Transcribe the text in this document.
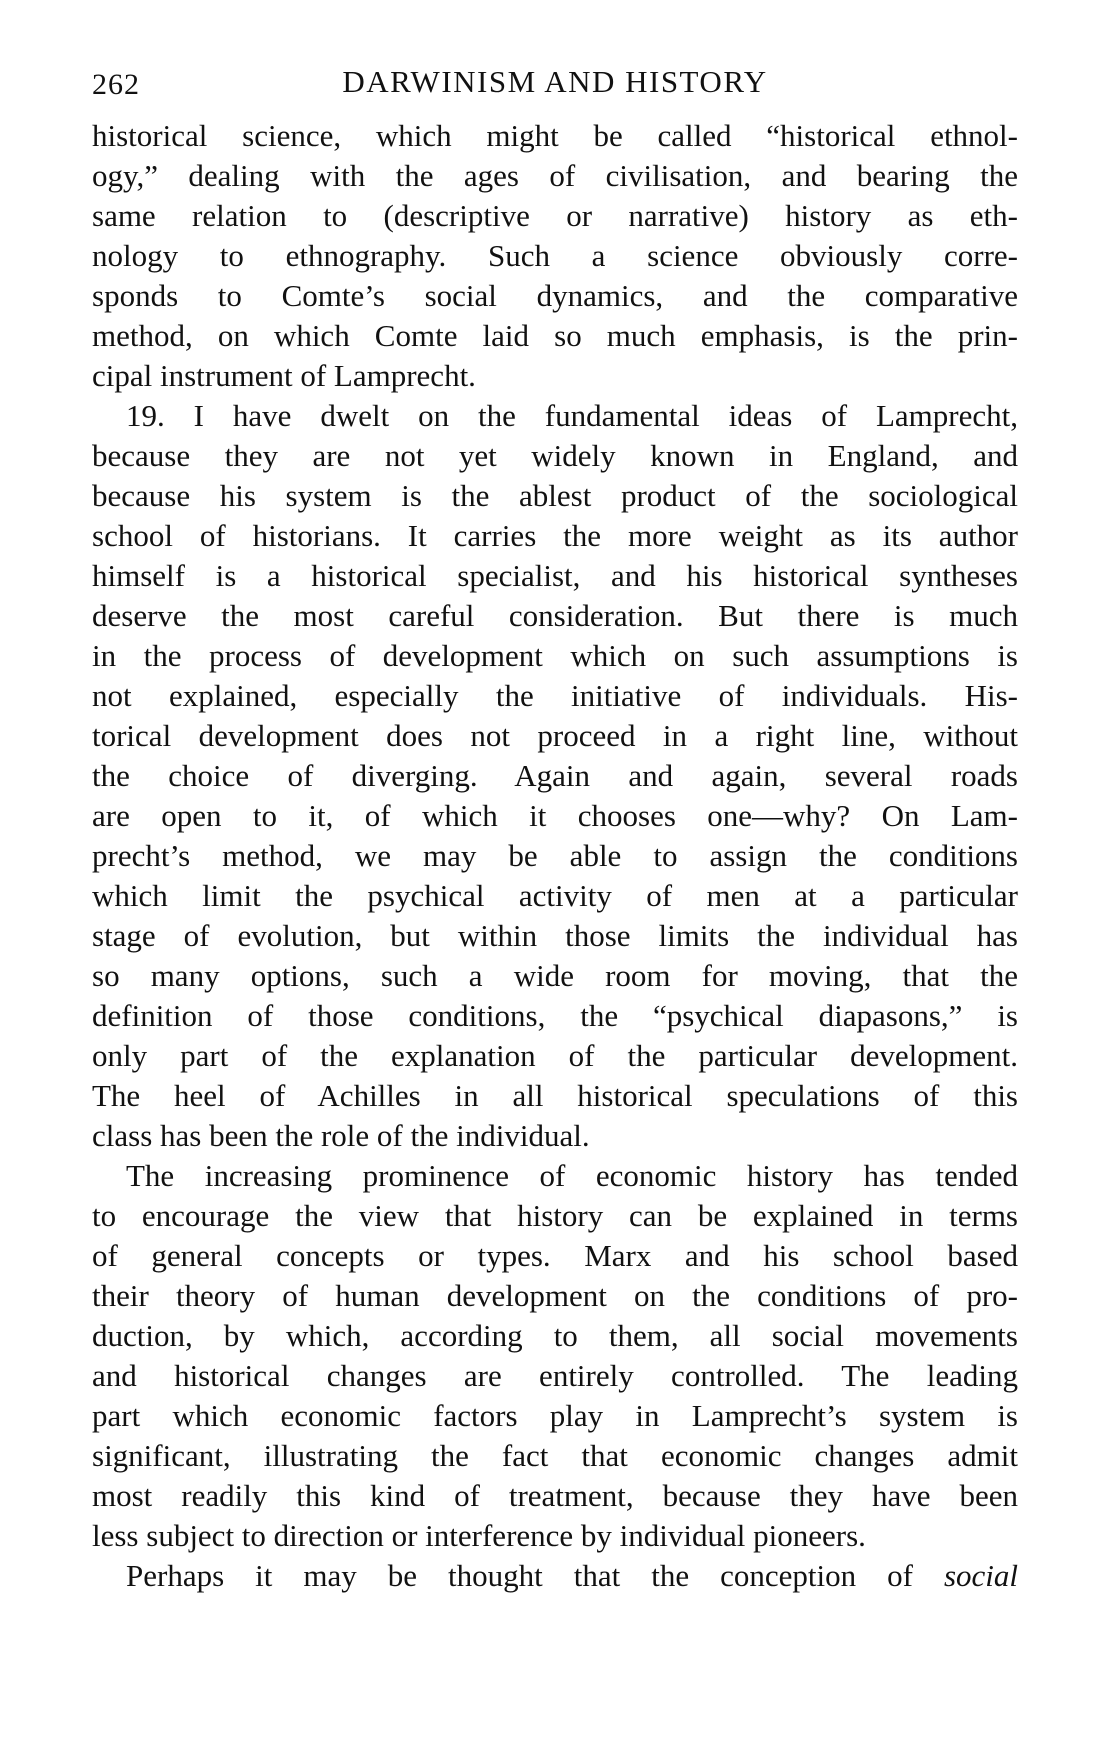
262	DARWINISM AND HISTORY
historical science, which might be called “historical ethnol-
ogy,” dealing with the ages of civilisation, and bearing the
same relation to (descriptive or narrative) history as eth-
nology to ethnography. Such a science obviously corre-
sponds to Comte’s social dynamics, and the comparative
method, on which Comte laid so much emphasis, is the prin-
cipal instrument of Lamprecht.
19. I have dwelt on the fundamental ideas of Lamprecht,
because they are not yet widely known in England, and
because his system is the ablest product of the sociological
school of historians. It carries the more weight as its author
himself is a historical specialist, and his historical syntheses
deserve the most careful consideration. But there is much
in the process of development which on such assumptions is
not explained, especially the initiative of individuals. His-
torical development does not proceed in a right line, without
the choice of diverging. Again and again, several roads
are open to it, of which it chooses one—why? On Lam-
precht’s method, we may be able to assign the conditions
which limit the psychical activity of men at a particular
stage of evolution, but within those limits the individual has
so many options, such a wide room for moving, that the
definition of those conditions, the “psychical diapasons,” is
only part of the explanation of the particular development.
The heel of Achilles in all historical speculations of this
class has been the role of the individual.
The increasing prominence of economic history has tended
to encourage the view that history can be explained in terms
of general concepts or types. Marx and his school based
their theory of human development on the conditions of pro-
duction, by which, according to them, all social movements
and historical changes are entirely controlled. The leading
part which economic factors play in Lamprecht’s system is
significant, illustrating the fact that economic changes admit
most readily this kind of treatment, because they have been
less subject to direction or interference by individual pioneers.
Perhaps it may be thought that the conception of social
